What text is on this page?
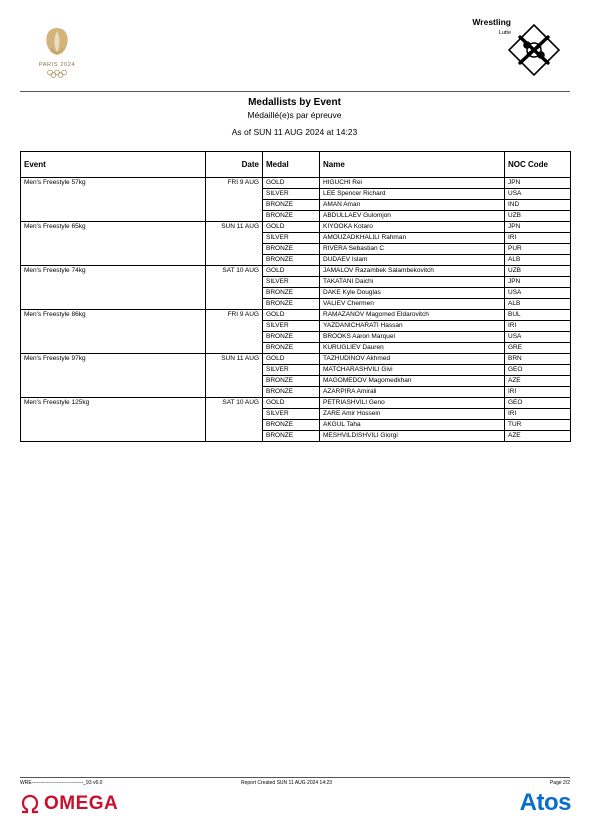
PARIS 2024
Wrestling
Lutte
Medallists by Event
Médaillé(e)s par épreuve
As of SUN 11 AUG 2024 at 14:23
Event	Date	Medal	Name	NOC Code
Men's Freestyle 57kg	FRI 9 AUG	GOLD	HIGUCHI Rei	JPN
		SILVER	LEE Spencer Richard	USA
		BRONZE	AMAN Aman	IND
		BRONZE	ABDULLAEV Gulomjon	UZB
Men's Freestyle 65kg	SUN 11 AUG	GOLD	KIYOOKA Kotaro	JPN
		SILVER	AMOUZADKHALILI Rahman	IRI
		BRONZE	RIVERA Sebastian C	PUR
		BRONZE	DUDAEV Islam	ALB
Men's Freestyle 74kg	SAT 10 AUG	GOLD	JAMALOV Razambek Salambekovitch	UZB
		SILVER	TAKATANI Daichi	JPN
		BRONZE	DAKE Kyle Douglas	USA
		BRONZE	VALIEV Chermen	ALB
Men's Freestyle 86kg	FRI 9 AUG	GOLD	RAMAZANOV Magomed Eldarovitch	BUL
		SILVER	YAZDANICHARATI Hassan	IRI
		BRONZE	BROOKS Aaron Marquel	USA
		BRONZE	KURUGLIEV Dauren	GRE
Men's Freestyle 97kg	SUN 11 AUG	GOLD	TAZHUDINOV Akhmed	BRN
		SILVER	MATCHARASHVILI Givi	GEO
		BRONZE	MAGOMEDOV Magomedkhan	AZE
		BRONZE	AZARPIRA Amirali	IRI
Men's Freestyle 125kg	SAT 10 AUG	GOLD	PETRIASHVILI Geno	GEO
		SILVER	ZARE Amir Hossein	IRI
		BRONZE	AKGUL Taha	TUR
		BRONZE	MESHVILDISHVILI Giorgi	AZE
WRE-------------------------------_93 v6.0	Report Created SUN 11 AUG 2024 14:23	Page 2/2
OMEGA	Atos
